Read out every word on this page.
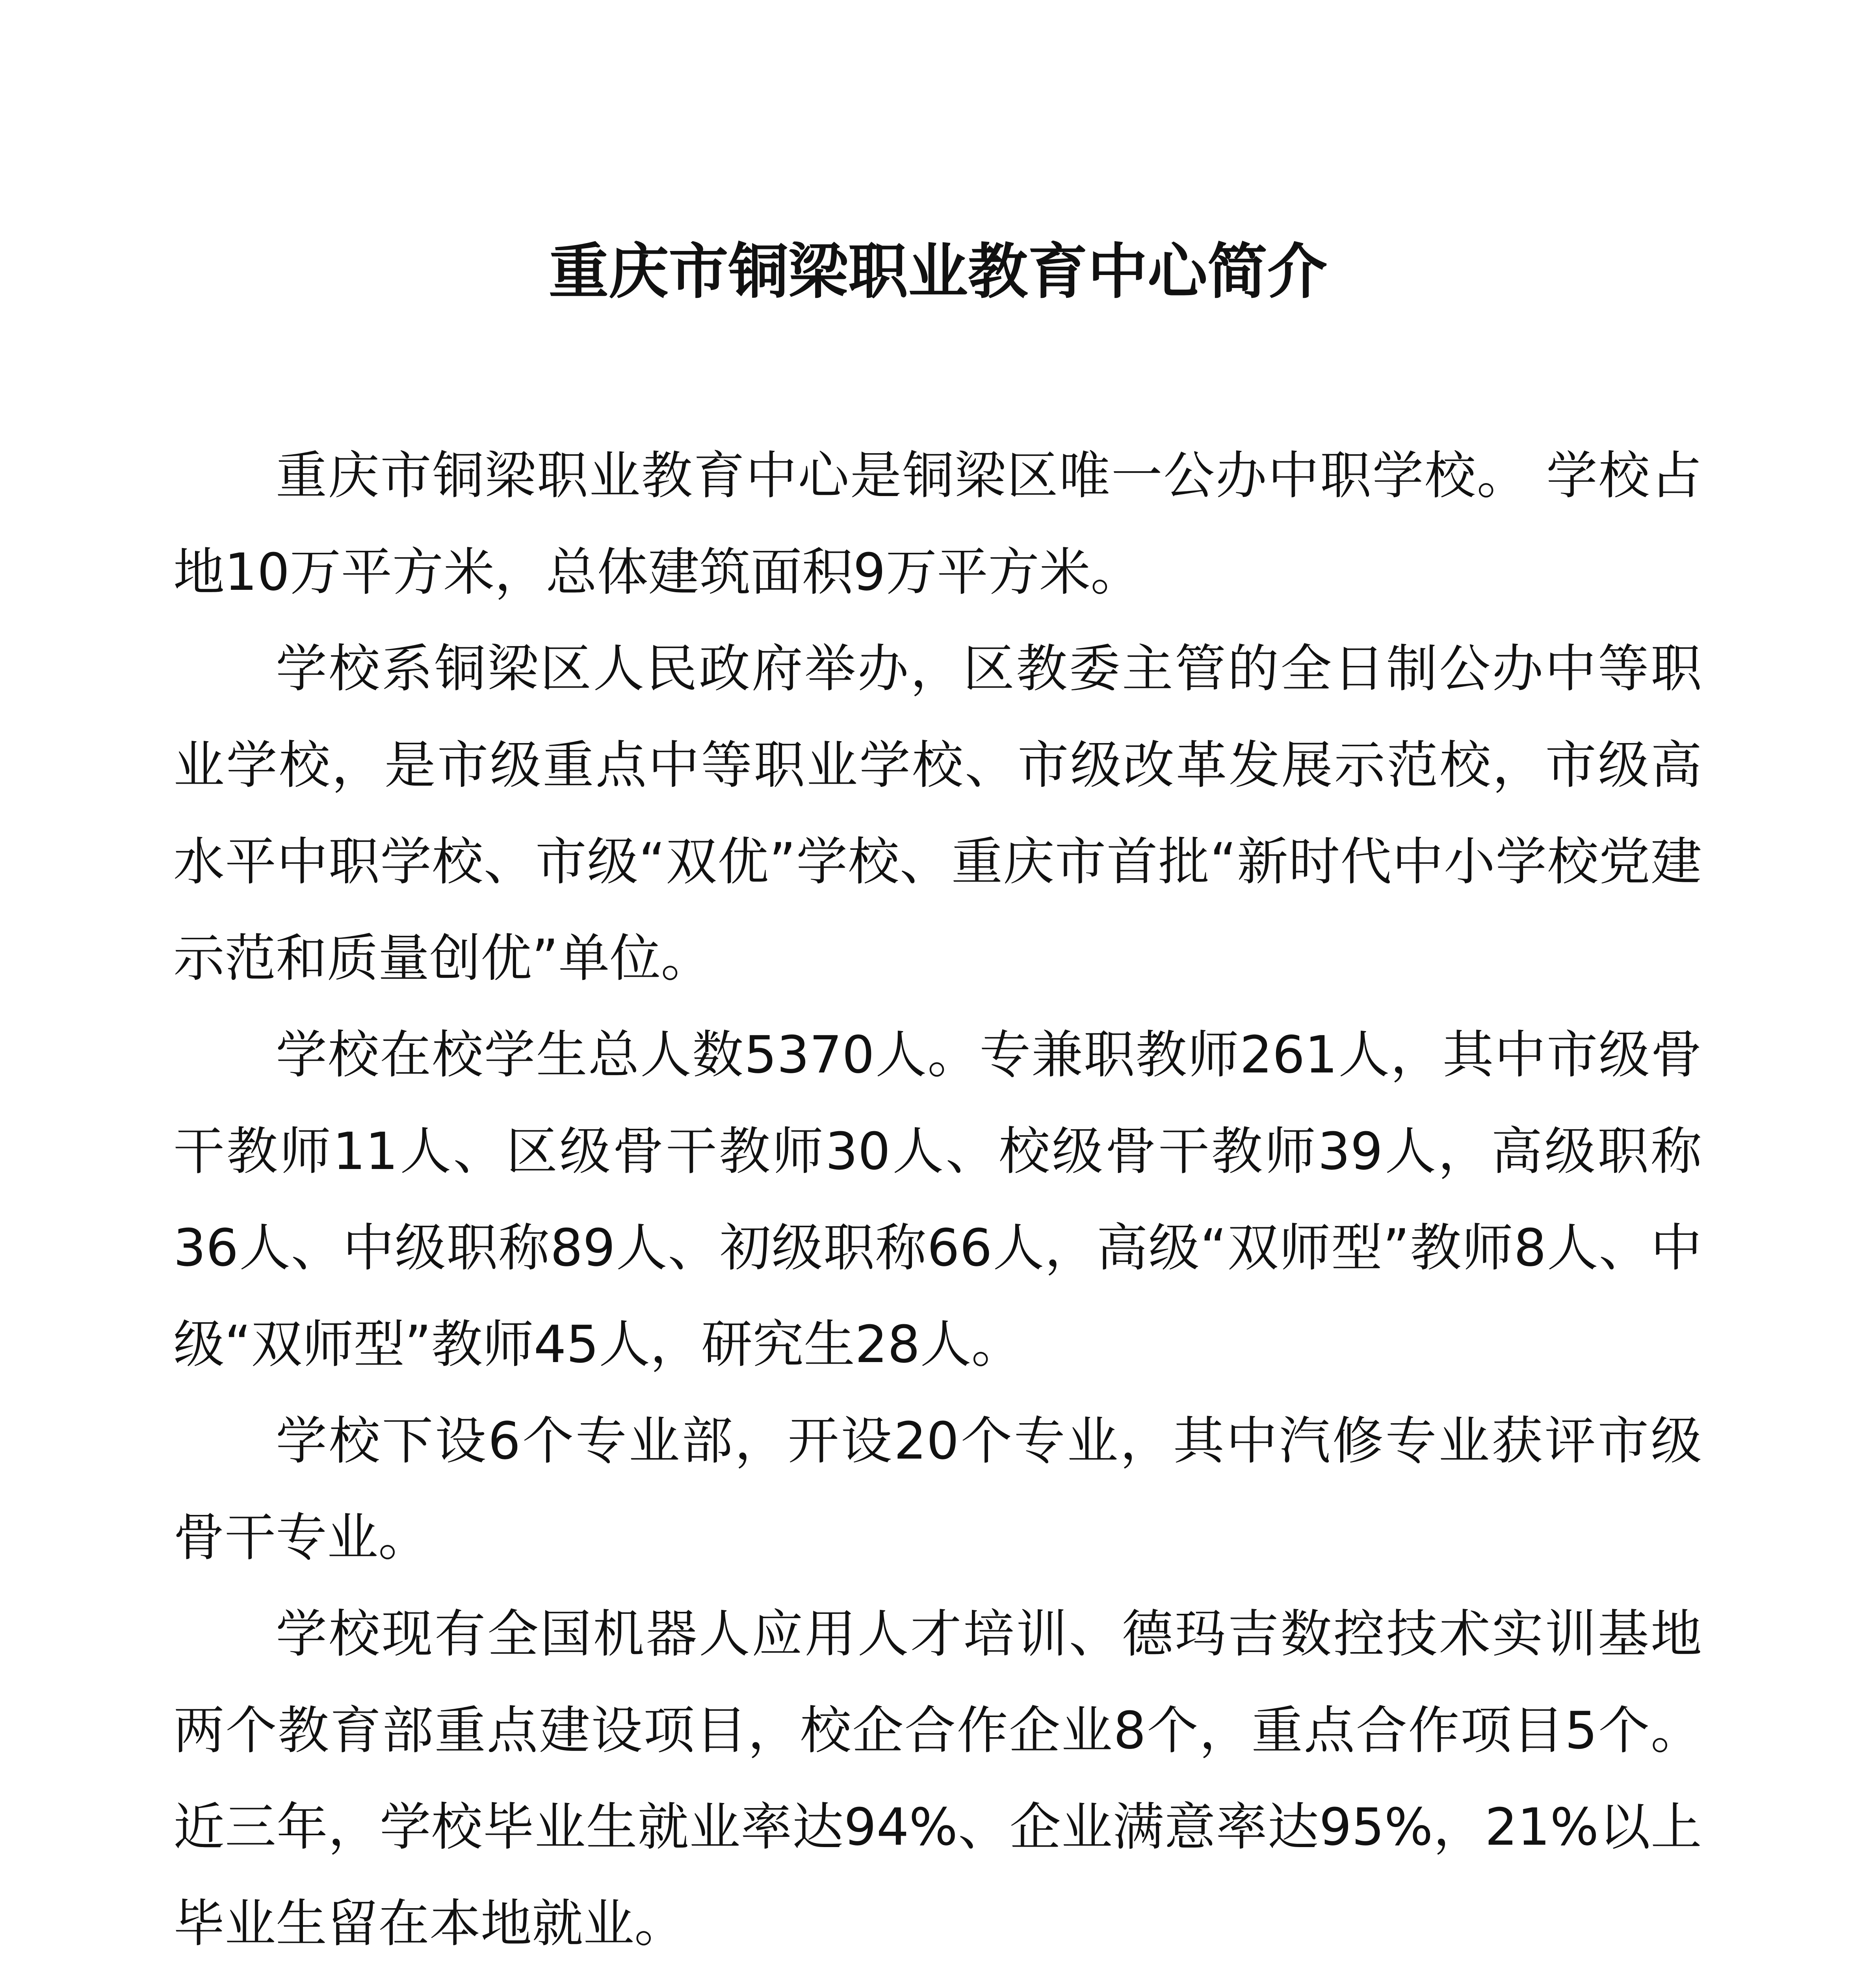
重庆市铜梁职业教育中心简介

重庆市铜梁职业教育中心是铜梁区唯一公办中职学校。 学校占地10万平方米，总体建筑面积9万平方米。

学校系铜梁区人民政府举办，区教委主管的全日制公办中等职业学校，是市级重点中等职业学校、市级改革发展示范校，市级高水平中职学校、市级“双优”学校、重庆市首批“新时代中小学校党建示范和质量创优”单位。

学校在校学生总人数5370人。专兼职教师261人，其中市级骨干教师11人、区级骨干教师30人、校级骨干教师39人，高级职称36人、中级职称89人、初级职称66人，高级“双师型”教师8人、中级“双师型”教师45人，研究生28人。

学校下设6个专业部，开设20个专业，其中汽修专业获评市级骨干专业。

学校现有全国机器人应用人才培训、德玛吉数控技术实训基地两个教育部重点建设项目，校企合作企业8个，重点合作项目5个。近三年，学校毕业生就业率达94%、企业满意率达95%，21%以上毕业生留在本地就业。
